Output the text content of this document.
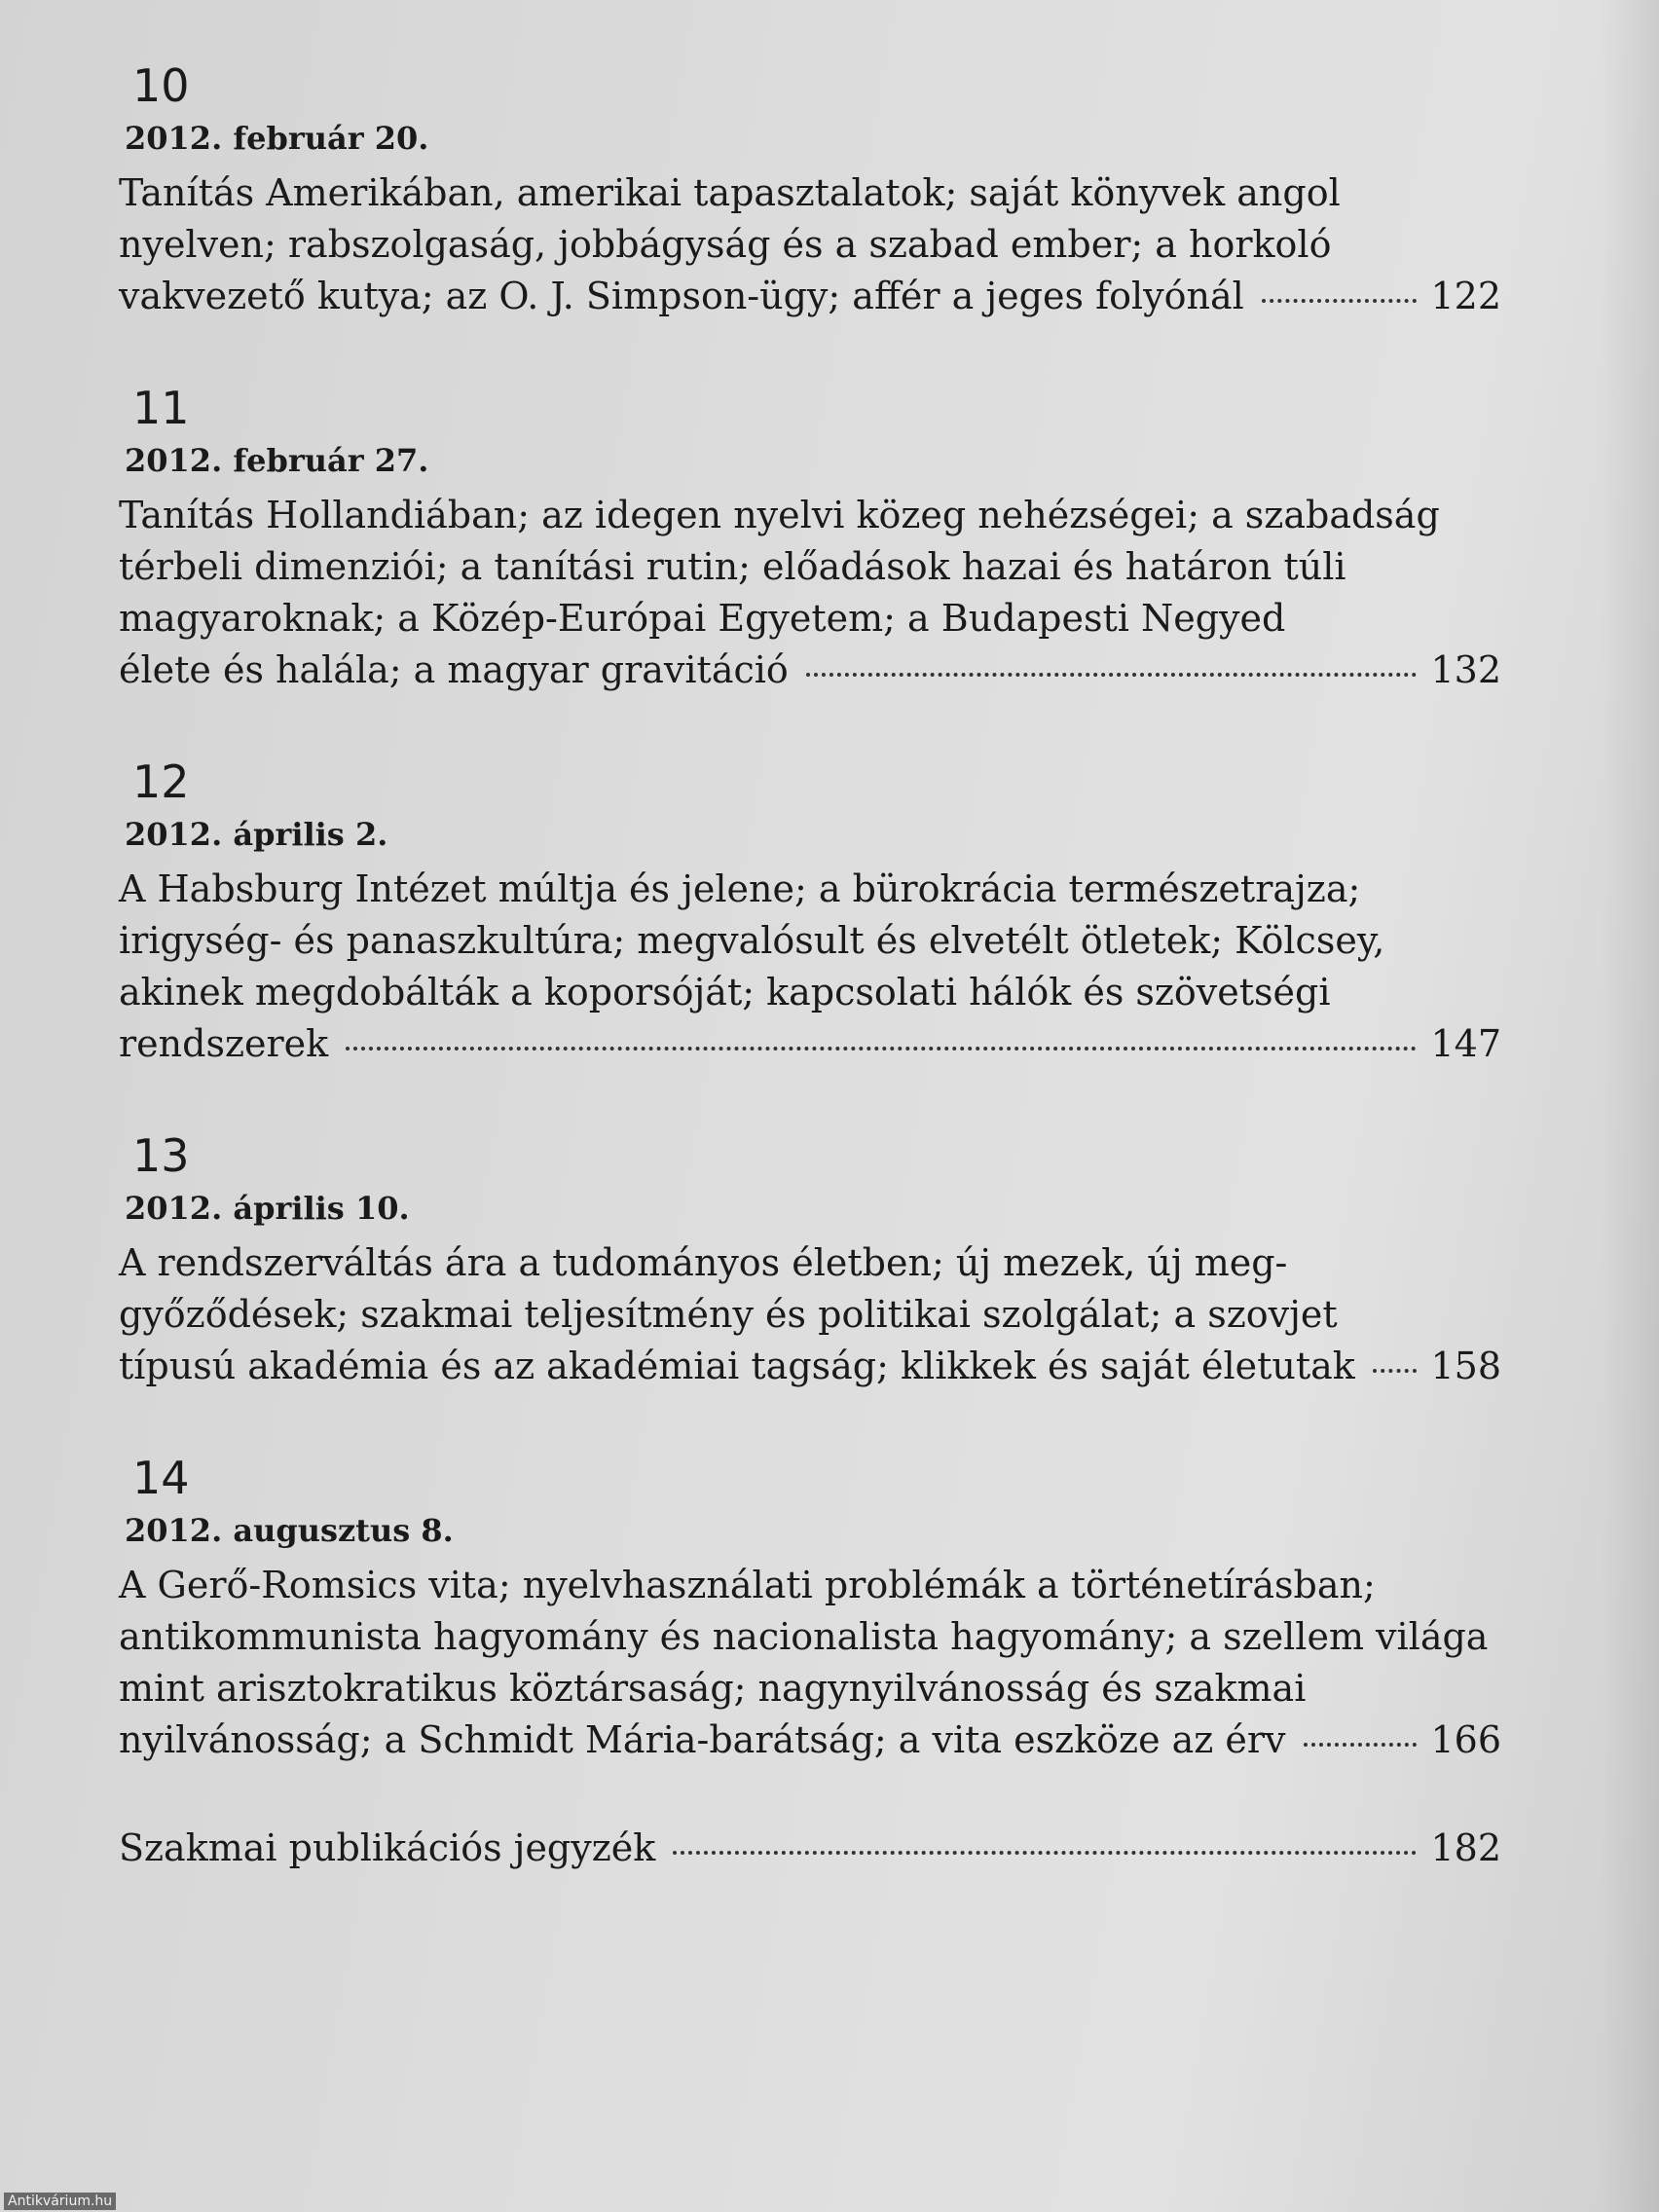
10
2012. február 20.
Tanítás Amerikában, amerikai tapasztalatok; saját könyvek angol
nyelven; rabszolgaság, jobbágyság és a szabad ember; a horkoló
vakvezető kutya; az O. J. Simpson-ügy; affér a jeges folyónál	122
11
2012. február 27.
Tanítás Hollandiában; az idegen nyelvi közeg nehézségei; a szabadság
térbeli dimenziói; a tanítási rutin; előadások hazai és határon túli
magyaroknak; a Közép-Európai Egyetem; a Budapesti Negyed
élete és halála; a magyar gravitáció	132
12
2012. április 2.
A Habsburg Intézet múltja és jelene; a bürokrácia természetrajza;
irigység- és panaszkultúra; megvalósult és elvetélt ötletek; Kölcsey,
akinek megdobálták a koporsóját; kapcsolati hálók és szövetségi
rendszerek	147
13
2012. április 10.
A rendszerváltás ára a tudományos életben; új mezek, új meg-
győződések; szakmai teljesítmény és politikai szolgálat; a szovjet
típusú akadémia és az akadémiai tagság; klikkek és saját életutak 158
14
2012. augusztus 8.
A Gerő-Romsics vita; nyelvhasználati problémák a történetírásban;
antikommunista hagyomány és nacionalista hagyomány; a szellem világa
mint arisztokratikus köztársaság; nagynyilvánosság és szakmai
nyilvánosság; a Schmidt Mária-barátság; a vita eszköze az érv	166
Szakmai publikációs jegyzék	182
Antikvárium.hu
